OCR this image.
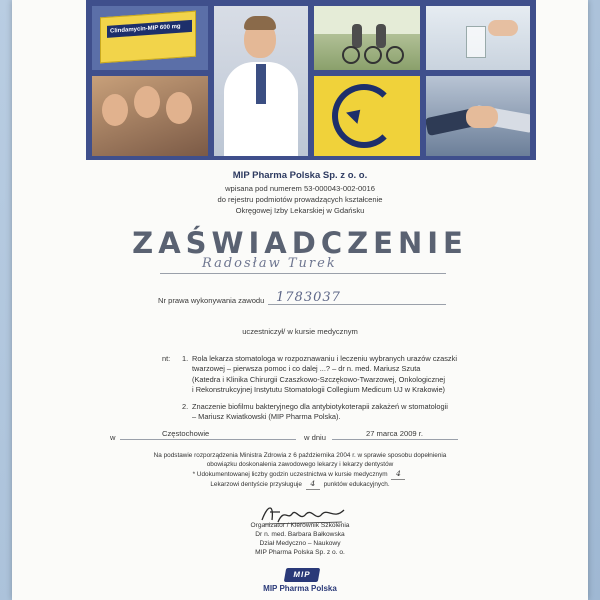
Clindamycin-MIP 600 mg
MIP Pharma Polska Sp. z o. o.
wpisana pod numerem 53-000043-002-0016
do rejestru podmiotów prowadzących kształcenie
Okręgowej Izby Lekarskiej w Gdańsku
ZAŚWIADCZENIE
Radosław Turek
Nr prawa wykonywania zawodu 1783037
uczestniczył/ w kursie medycznym
nt: 1. Rola lekarza stomatologa w rozpoznawaniu i leczeniu wybranych urazów czaszki
twarzowej – pierwsza pomoc i co dalej ...? – dr n. med. Mariusz Szuta
(Katedra i Klinika Chirurgii Czaszkowo-Szczękowo-Twarzowej, Onkologicznej
i Rekonstrukcyjnej Instytutu Stomatologii Collegium Medicum UJ w Krakowie)
2. Znaczenie biofilmu bakteryjnego dla antybiotykoterapii zakażeń w stomatologii
– Mariusz Kwiatkowski (MIP Pharma Polska).
w	Częstochowie	w dniu	27 marca 2009 r.
Na podstawie rozporządzenia Ministra Zdrowia z 6 października 2004 r. w sprawie sposobu dopełnienia
obowiązku doskonalenia zawodowego lekarzy i lekarzy dentystów
* Udokumentowanej liczby godzin uczestnictwa w kursie medycznym 4
Lekarzowi dentyście przysługuje 4 punktów edukacyjnych.
Organizator / Kierownik Szkolenia
Dr n. med. Barbara Bałkowska
Dział Medyczno – Naukowy
MIP Pharma Polska Sp. z o. o.
MIP
MIP Pharma Polska
